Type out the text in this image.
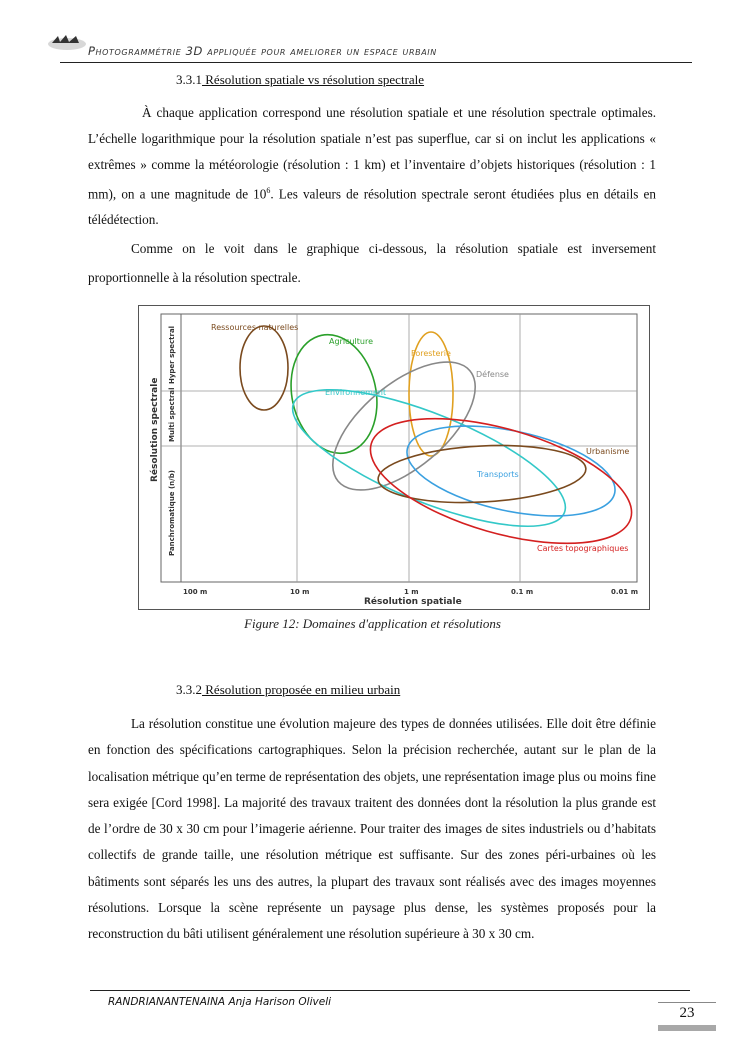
Photogrammétrie 3D appliquée pour ameliorer un espace urbain
3.3.1 Résolution spatiale vs résolution spectrale

À chaque application correspond une résolution spatiale et une résolution spectrale optimales. L’échelle logarithmique pour la résolution spatiale n’est pas superflue, car si on inclut les applications « extrêmes » comme la météorologie (résolution : 1 km) et l’inventaire d’objets historiques (résolution : 1 mm), on a une magnitude de $10^6$. Les valeurs de résolution spectrale seront étudiées plus en détails en télédétection.

Comme on le voit dans le graphique ci-dessous, la résolution spatiale est inversement proportionnelle à la résolution spectrale.

Hyper spectral
Multi spectral
Panchromatique (n/b)
Résolution spectrale
100 m	10 m	1 m	0.1 m	0.01 m
Résolution spatiale
Ressources naturelles
Agriculture
Foresterie
Défense
Environnement
Urbanisme
Transports
Cartes topographiques
Figure 12: Domaines d'application et résolutions
3.3.2 Résolution proposée en milieu urbain

La résolution constitue une évolution majeure des types de données utilisées. Elle doit être définie en fonction des spécifications cartographiques. Selon la précision recherchée, autant sur le plan de la localisation métrique qu’en terme de représentation des objets, une représentation image plus ou moins fine sera exigée [Cord 1998]. La majorité des travaux traitent des données dont la résolution la plus grande est de l’ordre de 30 x 30 cm pour l’imagerie aérienne. Pour traiter des images de sites industriels ou d’habitats collectifs de grande taille, une résolution métrique est suffisante. Sur des zones péri-urbaines où les bâtiments sont séparés les uns des autres, la plupart des travaux sont réalisés avec des images moyennes résolutions. Lorsque la scène représente un paysage plus dense, les systèmes proposés pour la reconstruction du bâti utilisent généralement une résolution supérieure à 30 x 30 cm.

RANDRIANANTENAINA Anja Harison Oliveli
23
